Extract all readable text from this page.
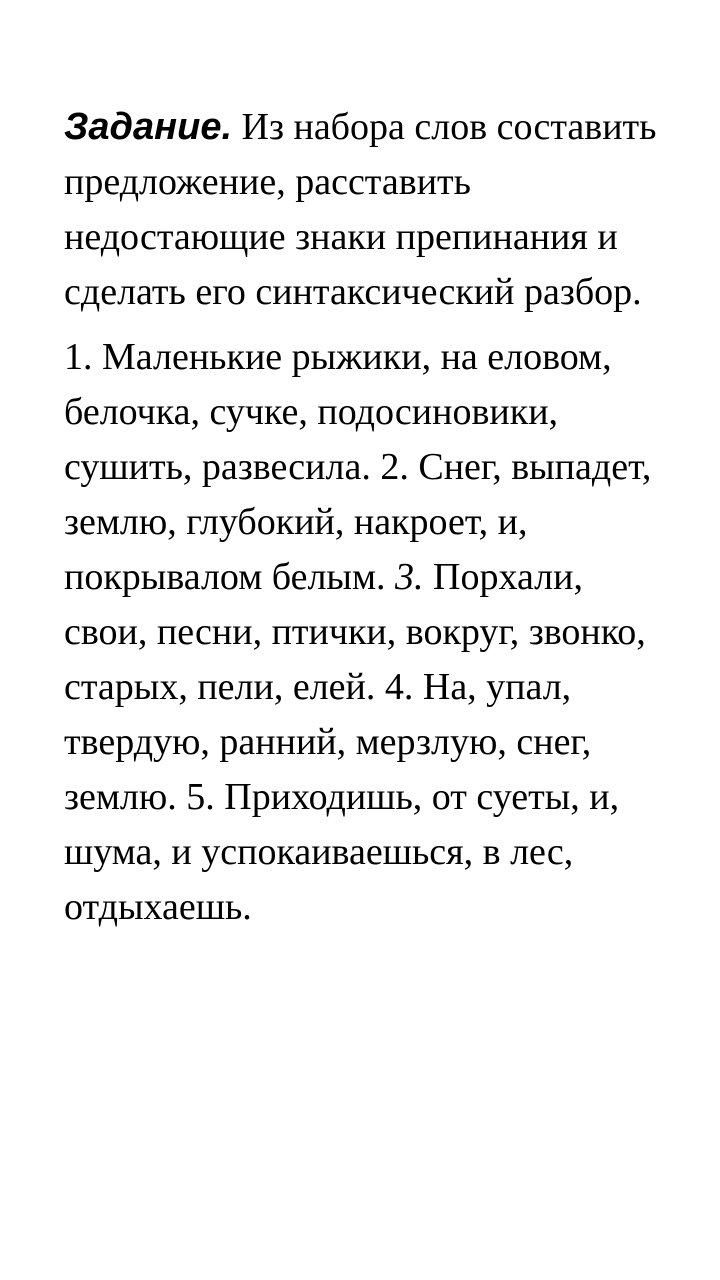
Задание. Из набора слов составить предложение, расставить недостающие знаки препинания и сделать его синтаксический разбор.

1. Маленькие рыжики, на еловом, белочка, сучке, подосиновики, сушить, развесила. 2. Снег, выпадет, землю, глубокий, накроет, и, покрывалом белым. 3. Порхали, свои, песни, птички, вокруг, звонко, старых, пели, елей. 4. На, упал, твердую, ранний, мерзлую, снег, землю. 5. Приходишь, от суеты, и, шума, и успокаиваешься, в лес, отдыхаешь.
